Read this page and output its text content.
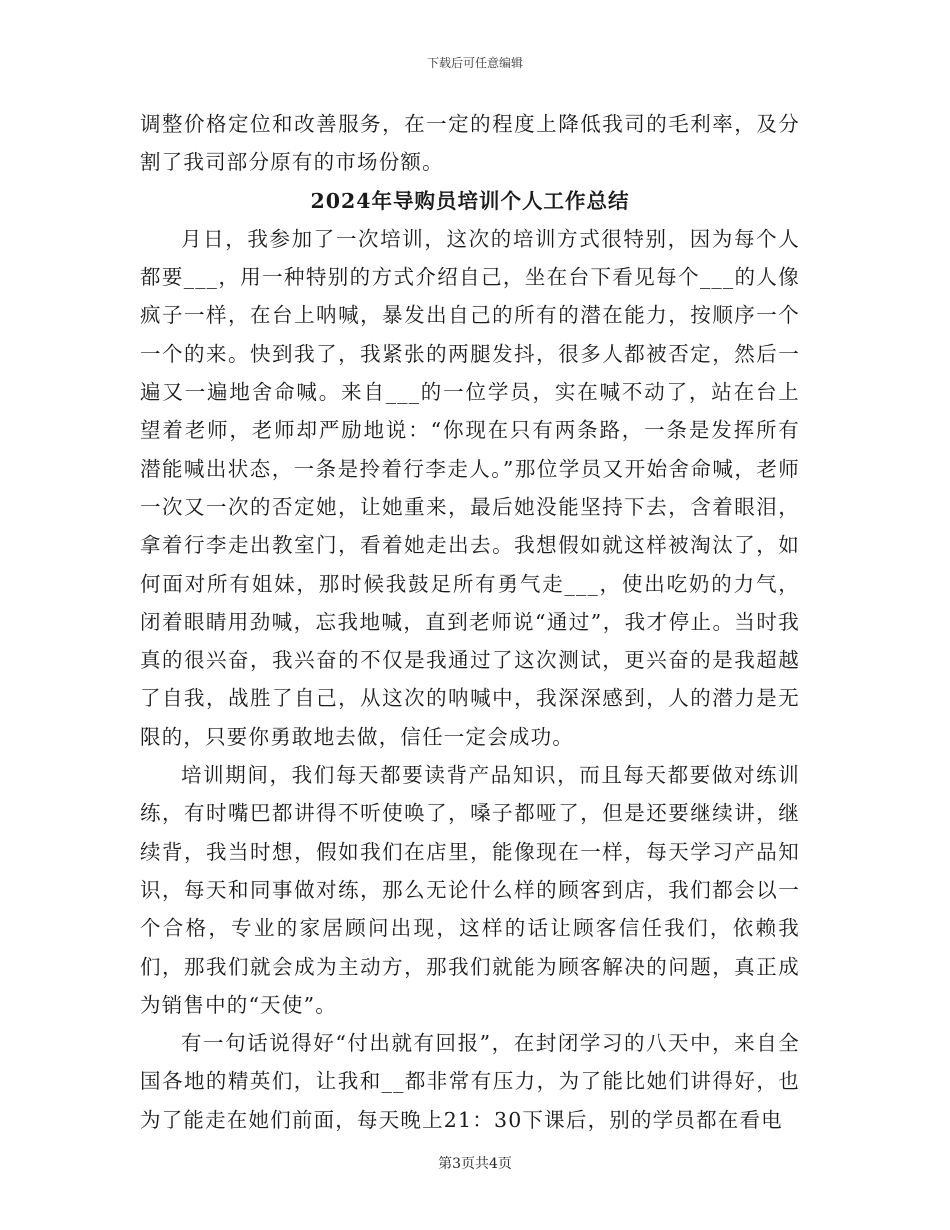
下载后可任意编辑

调整价格定位和改善服务，在一定的程度上降低我司的毛利率，及分割了我司部分原有的市场份额。

2024年导购员培训个人工作总结

月日，我参加了一次培训，这次的培训方式很特别，因为每个人都要___，用一种特别的方式介绍自己，坐在台下看见每个___的人像疯子一样，在台上呐喊，暴发出自己的所有的潜在能力，按顺序一个一个的来。快到我了，我紧张的两腿发抖，很多人都被否定，然后一遍又一遍地舍命喊。来自___的一位学员，实在喊不动了，站在台上望着老师，老师却严励地说：“你现在只有两条路，一条是发挥所有潜能喊出状态，一条是拎着行李走人。”那位学员又开始舍命喊，老师一次又一次的否定她，让她重来，最后她没能坚持下去，含着眼泪，拿着行李走出教室门，看着她走出去。我想假如就这样被淘汰了，如何面对所有姐妹，那时候我鼓足所有勇气走___，使出吃奶的力气，闭着眼睛用劲喊，忘我地喊，直到老师说“通过”，我才停止。当时我真的很兴奋，我兴奋的不仅是我通过了这次测试，更兴奋的是我超越了自我，战胜了自己，从这次的呐喊中，我深深感到，人的潜力是无限的，只要你勇敢地去做，信任一定会成功。

培训期间，我们每天都要读背产品知识，而且每天都要做对练训练，有时嘴巴都讲得不听使唤了，嗓子都哑了，但是还要继续讲，继续背，我当时想，假如我们在店里，能像现在一样，每天学习产品知识，每天和同事做对练，那么无论什么样的顾客到店，我们都会以一个合格，专业的家居顾问出现，这样的话让顾客信任我们，依赖我们，那我们就会成为主动方，那我们就能为顾客解决的问题，真正成为销售中的“天使”。

有一句话说得好“付出就有回报”，在封闭学习的八天中，来自全国各地的精英们，让我和__都非常有压力，为了能比她们讲得好，也为了能走在她们前面，每天晚上21：30下课后，别的学员都在看电

第3页共4页
